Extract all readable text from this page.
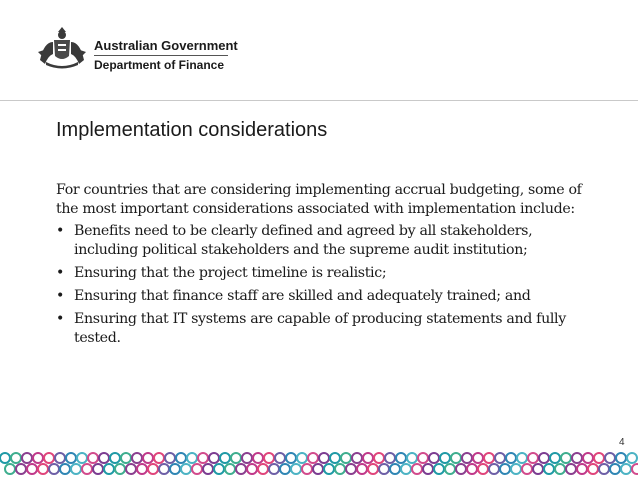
Australian Government
Department of Finance
Implementation considerations

For countries that are considering implementing accrual budgeting, some of the most important considerations associated with implementation include:

• Benefits need to be clearly defined and agreed by all stakeholders, including political stakeholders and the supreme audit institution;
• Ensuring that the project timeline is realistic;
• Ensuring that finance staff are skilled and adequately trained; and
• Ensuring that IT systems are capable of producing statements and fully tested.
4
